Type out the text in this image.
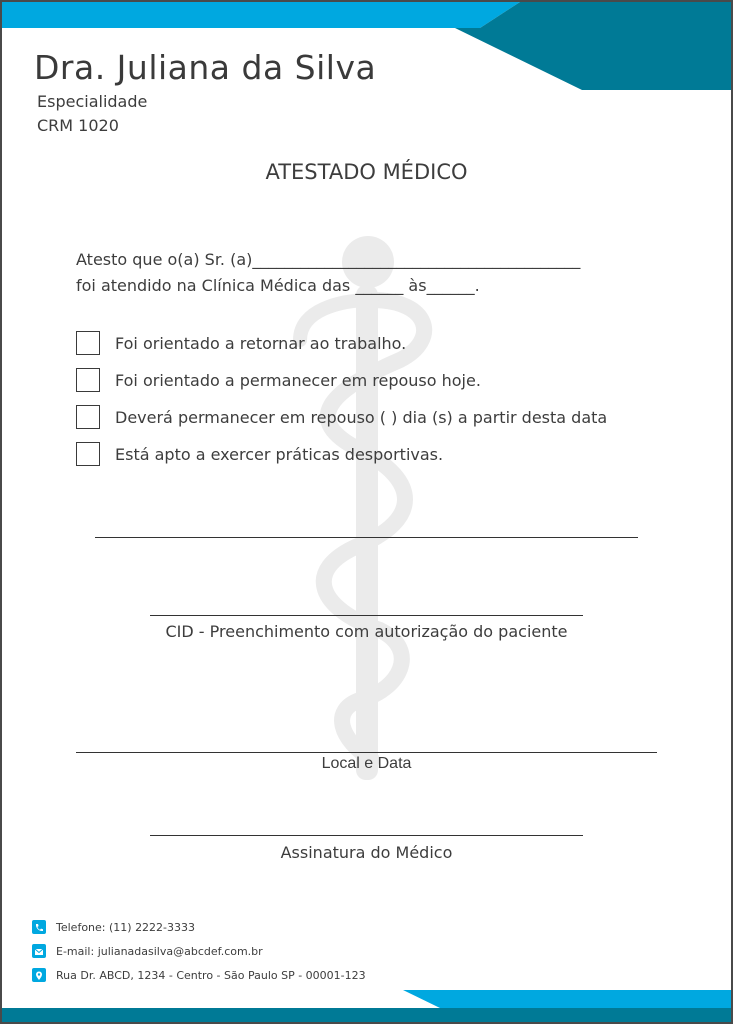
Dra. Juliana da Silva
Especialidade
CRM 1020
ATESTADO MÉDICO
Atesto que o(a) Sr. (a)_________________________________________
foi atendido na Clínica Médica das ______ às______.
Foi orientado a retornar ao trabalho.
Foi orientado a permanecer em repouso hoje.
Deverá permanecer em repouso ( ) dia (s) a partir desta data
Está apto a exercer práticas desportivas.
CID - Preenchimento com autorização do paciente
Local e Data
Assinatura do Médico
Telefone: (11) 2222-3333
E-mail: julianadasilva@abcdef.com.br
Rua Dr. ABCD, 1234 - Centro - São Paulo SP - 00001-123
